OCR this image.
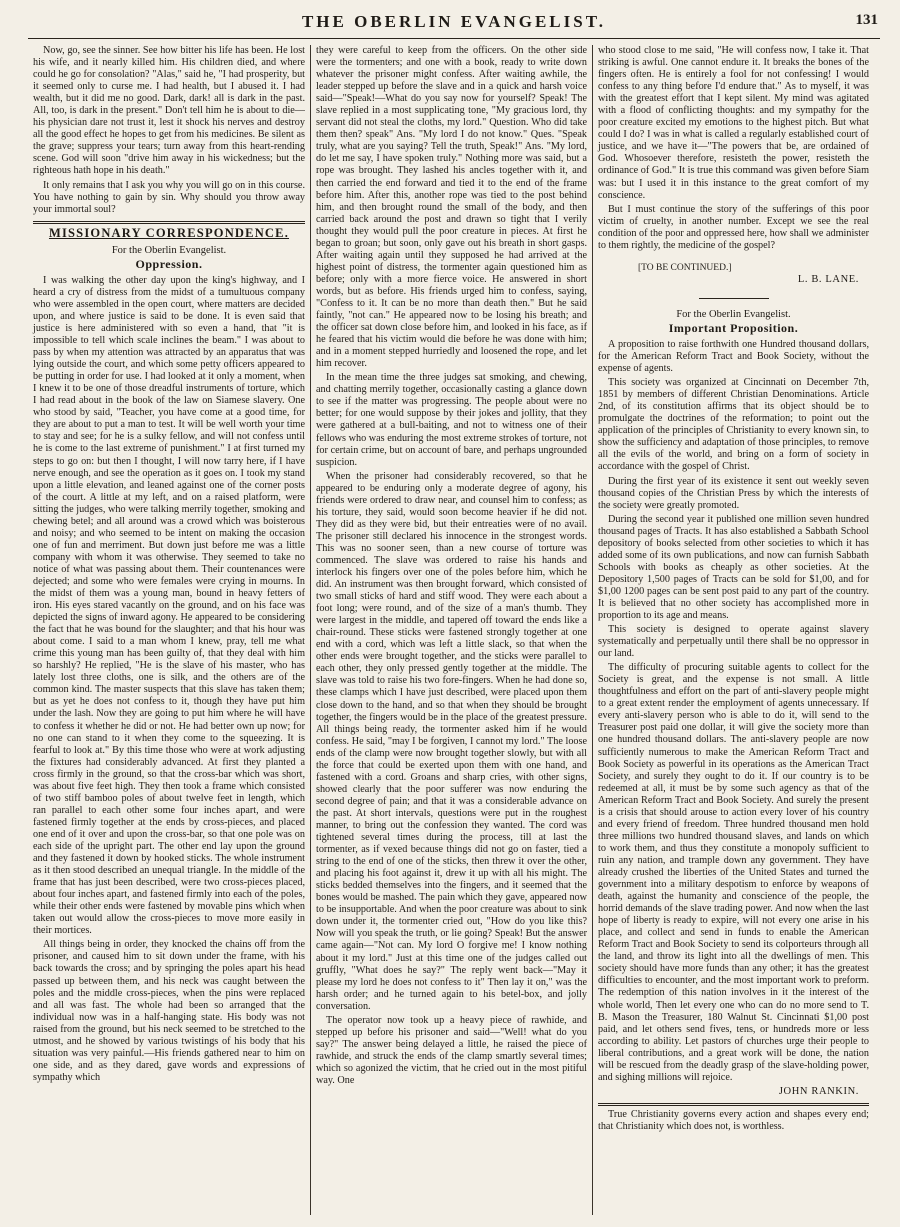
THE OBERLIN EVANGELIST.	131

Now, go, see the sinner. See how bitter his life has been. He lost his wife, and it nearly killed him. His children died, and where could he go for consolation? "Alas," said he, "I had prosperity, but it seemed only to curse me. I had health, but I abused it. I had wealth, but it did me no good. Dark, dark! all is dark in the past. All, too, is dark in the present." Don't tell him he is about to die—his physician dare not trust it, lest it shock his nerves and destroy all the good effect he hopes to get from his medicines. Be silent as the grave; suppress your tears; turn away from this heart-rending scene. God will soon "drive him away in his wickedness; but the righteous hath hope in his death."

It only remains that I ask you why you will go on in this course. You have nothing to gain by sin. Why should you throw away your immortal soul?

MISSIONARY CORRESPONDENCE.
For the Oberlin Evangelist.
Oppression.

I was walking the other day upon the king's highway, and I heard a cry of distress from the midst of a tumultuous company who were assembled in the open court, where matters are decided upon, and where justice is said to be done. It is even said that justice is here administered with so even a hand, that "it is impossible to tell which scale inclines the beam." I was about to pass by when my attention was attracted by an apparatus that was lying outside the court, and which some petty officers appeared to be putting in order for use. I had looked at it only a moment, when I knew it to be one of those dreadful instruments of torture, which I had read about in the book of the law on Siamese slavery. One who stood by said, "Teacher, you have come at a good time, for they are about to put a man to test. It will be well worth your time to stay and see; for he is a sulky fellow, and will not confess until he is come to the last extreme of punishment." I at first turned my steps to go on: but then I thought, I will now tarry here, if I have nerve enough, and see the operation as it goes on. I took my stand upon a little elevation, and leaned against one of the corner posts of the court. A little at my left, and on a raised platform, were sitting the judges, who were talking merrily together, smoking and chewing betel; and all around was a crowd which was boisterous and noisy; and who seemed to be intent on making the occasion one of fun and merriment. But down just before me was a little company with whom it was otherwise. They seemed to take no notice of what was passing about them. Their countenances were dejected; and some who were females were crying in mourns. In the midst of them was a young man, bound in heavy fetters of iron. His eyes stared vacantly on the ground, and on his face was depicted the signs of inward agony. He appeared to be considering the fact that he was bound for the slaughter; and that his hour was about come. I said to a man whom I knew, pray, tell me what crime this young man has been guilty of, that they deal with him so harshly? He replied, "He is the slave of his master, who has lately lost three cloths, one is silk, and the others are of the common kind. The master suspects that this slave has taken them; but as yet he does not confess to it, though they have put him under the lash. Now they are going to put him where he will have to confess it whether he did or not. He had better own up now; for no one can stand to it when they come to the squeezing. It is fearful to look at." By this time those who were at work adjusting the fixtures had considerably advanced. At first they planted a cross firmly in the ground, so that the cross-bar which was short, was about five feet high. They then took a frame which consisted of two stiff bamboo poles of about twelve feet in length, which ran parallel to each other some four inches apart, and were fastened firmly together at the ends by cross-pieces, and placed one end of it over and upon the cross-bar, so that one pole was on each side of the upright part. The other end lay upon the ground and they fastened it down by hooked sticks. The whole instrument as it then stood described an unequal triangle. In the middle of the frame that has just been described, were two cross-pieces placed, about four inches apart, and fastened firmly into each of the poles, while their other ends were fastened by movable pins which when taken out would allow the cross-pieces to move more easily in their mortices.

All things being in order, they knocked the chains off from the prisoner, and caused him to sit down under the frame, with his back towards the cross; and by springing the poles apart his head passed up between them, and his neck was caught between the poles and the middle cross-pieces, when the pins were replaced and all was fast. The whole had been so arranged that the individual now was in a half-hanging state. His body was not raised from the ground, but his neck seemed to be stretched to the utmost, and he showed by various twistings of his body that his situation was very painful.—His friends gathered near to him on one side, and as they dared, gave words and expressions of sympathy which

they were careful to keep from the officers. On the other side were the tormenters; and one with a book, ready to write down whatever the prisoner might confess. After waiting awhile, the leader stepped up before the slave and in a quick and harsh voice said—"Speak!—What do you say now for yourself? Speak! The slave replied in a most supplicating tone, "My gracious lord, thy servant did not steal the cloths, my lord." Question. Who did take them then? speak" Ans. "My lord I do not know." Ques. "Speak truly, what are you saying? Tell the truth, Speak!" Ans. "My lord, do let me say, I have spoken truly." Nothing more was said, but a rope was brought. They lashed his ancles together with it, and then carried the end forward and tied it to the end of the frame before him. After this, another rope was tied to the post behind him, and then brought round the small of the body, and then carried back around the post and drawn so tight that I verily thought they would pull the poor creature in pieces. At first he began to groan; but soon, only gave out his breath in short gasps. After waiting again until they supposed he had arrived at the highest point of distress, the tormenter again questioned him as before; only with a more fierce voice. He answered in short words, but as before. His friends urged him to confess, saying, "Confess to it. It can be no more than death then." But he said faintly, "not can." He appeared now to be losing his breath; and the officer sat down close before him, and looked in his face, as if he feared that his victim would die before he was done with him; and in a moment stepped hurriedly and loosened the rope, and let him recover.

In the mean time the three judges sat smoking, and chewing, and chatting merrily together, occasionally casting a glance down to see if the matter was progressing. The people about were no better; for one would suppose by their jokes and jollity, that they were gathered at a bull-baiting, and not to witness one of their fellows who was enduring the most extreme strokes of torture, not for certain crime, but on account of bare, and perhaps ungrounded suspicion.

When the prisoner had considerably recovered, so that he appeared to be enduring only a moderate degree of agony, his friends were ordered to draw near, and counsel him to confess; as his torture, they said, would soon become heavier if he did not. They did as they were bid, but their entreaties were of no avail. The prisoner still declared his innocence in the strongest words. This was no sooner seen, than a new course of torture was commenced. The slave was ordered to raise his hands and interlock his fingers over one of the poles before him, which he did. An instrument was then brought forward, which consisted of two small sticks of hard and stiff wood. They were each about a foot long; were round, and of the size of a man's thumb. They were largest in the middle, and tapered off toward the ends like a chair-round. These sticks were fastened strongly together at one end with a cord, which was left a little slack, so that when the other ends were brought together, and the sticks were parallel to each other, they only pressed gently together at the middle. The slave was told to raise his two fore-fingers. When he had done so, these clamps which I have just described, were placed upon them close down to the hand, and so that when they should be brought together, the fingers would be in the place of the greatest pressure. All things being ready, the tormenter asked him if he would confess. He said, "may I be forgiven, I cannot my lord." The loose ends of the clamp were now brought together slowly, but with all the force that could be exerted upon them with one hand, and fastened with a cord. Groans and sharp cries, with other signs, showed clearly that the poor sufferer was now enduring the second degree of pain; and that it was a considerable advance on the past. At short intervals, questions were put in the roughest manner, to bring out the confession they wanted. The cord was tightened several times during the process, till at last the tormenter, as if vexed because things did not go on faster, tied a string to the end of one of the sticks, then threw it over the other, and placing his foot against it, drew it up with all his might. The sticks bedded themselves into the fingers, and it seemed that the bones would be mashed. The pain which they gave, appeared now to be insupportable. And when the poor creature was about to sink down under it, the tormenter cried out, "How do you like this? Now will you speak the truth, or lie going? Speak! But the answer came again—"Not can. My lord O forgive me! I know nothing about it my lord." Just at this time one of the judges called out gruffly, "What does he say?" The reply went back—"May it please my lord he does not confess to it" Then lay it on," was the harsh order; and he turned again to his betel-box, and jolly conversation.

The operator now took up a heavy piece of rawhide, and stepped up before his prisoner and said—"Well! what do you say?" The answer being delayed a little, he raised the piece of rawhide, and struck the ends of the clamp smartly several times; which so agonized the victim, that he cried out in the most pitiful way. One

who stood close to me said, "He will confess now, I take it. That striking is awful. One cannot endure it. It breaks the bones of the fingers often. He is entirely a fool for not confessing! I would confess to any thing before I'd endure that." As to myself, it was with the greatest effort that I kept silent. My mind was agitated with a flood of conflicting thoughts: and my sympathy for the poor creature excited my emotions to the highest pitch. But what could I do? I was in what is called a regularly established court of justice, and we have it—"The powers that be, are ordained of God. Whosoever therefore, resisteth the power, resisteth the ordinance of God." It is true this command was given before Siam was: but I used it in this instance to the great comfort of my conscience.

But I must continue the story of the sufferings of this poor victim of cruelty, in another number. Except we see the real condition of the poor and oppressed here, how shall we administer to them rightly, the medicine of the gospel?

[TO BE CONTINUED.]
L. B. LANE.
For the Oberlin Evangelist.
Important Proposition.

A proposition to raise forthwith one Hundred thousand dollars, for the American Reform Tract and Book Society, without the expense of agents.

This society was organized at Cincinnati on December 7th, 1851 by members of different Christian Denominations. Article 2nd, of its constitution affirms that its object should be to promulgate the doctrines of the reformation; to point out the application of the principles of Christianity to every known sin, to show the sufficiency and adaptation of those principles, to remove all the evils of the world, and bring on a form of society in accordance with the gospel of Christ.

During the first year of its existence it sent out weekly seven thousand copies of the Christian Press by which the interests of the society were greatly promoted.

During the second year it published one million seven hundred thousand pages of Tracts. It has also established a Sabbath School depository of books selected from other societies to which it has added some of its own publications, and now can furnish Sabbath Schools with books as cheaply as other societies. At the Depository 1,500 pages of Tracts can be sold for $1,00, and for $1,00 1200 pages can be sent post paid to any part of the country. It is believed that no other society has accomplished more in proportion to its age and means.

This society is designed to operate against slavery systematically and perpetually until there shall be no oppressor in our land.

The difficulty of procuring suitable agents to collect for the Society is great, and the expense is not small. A little thoughtfulness and effort on the part of anti-slavery people might to a great extent render the employment of agents unnecessary. If every anti-slavery person who is able to do it, will send to the Treasurer post paid one dollar, it will give the society more than one hundred thousand dollars. The anti-slavery people are now sufficiently numerous to make the American Reform Tract and Book Society as powerful in its operations as the American Tract Society, and surely they ought to do it. If our country is to be redeemed at all, it must be by some such agency as that of the American Reform Tract and Book Society. And surely the present is a crisis that should arouse to action every lover of his country and every friend of freedom. Three hundred thousand men hold three millions two hundred thousand slaves, and lands on which to work them, and thus they constitute a monopoly sufficient to ruin any nation, and trample down any government. They have already crushed the liberties of the United States and turned the government into a military despotism to enforce by weapons of death, against the humanity and conscience of the people, the horrid demands of the slave trading power. And now when the last hope of liberty is ready to expire, will not every one arise in his place, and collect and send in funds to enable the American Reform Tract and Book Society to send its colporteurs through all the land, and throw its light into all the dwellings of men. This society should have more funds than any other; it has the greatest difficulties to encounter, and the most important work to preform. The redemption of this nation involves in it the interest of the whole world, Then let every one who can do no more send to T. B. Mason the Treasurer, 180 Walnut St. Cincinnati $1,00 post paid, and let others send fives, tens, or hundreds more or less according to ability. Let pastors of churches urge their people to liberal contributions, and a great work will be done, the nation will be rescued from the deadly grasp of the slave-holding power, and sighing millions will rejoice.

JOHN RANKIN.

True Christianity governs every action and shapes every end; that Christianity which does not, is worthless.
